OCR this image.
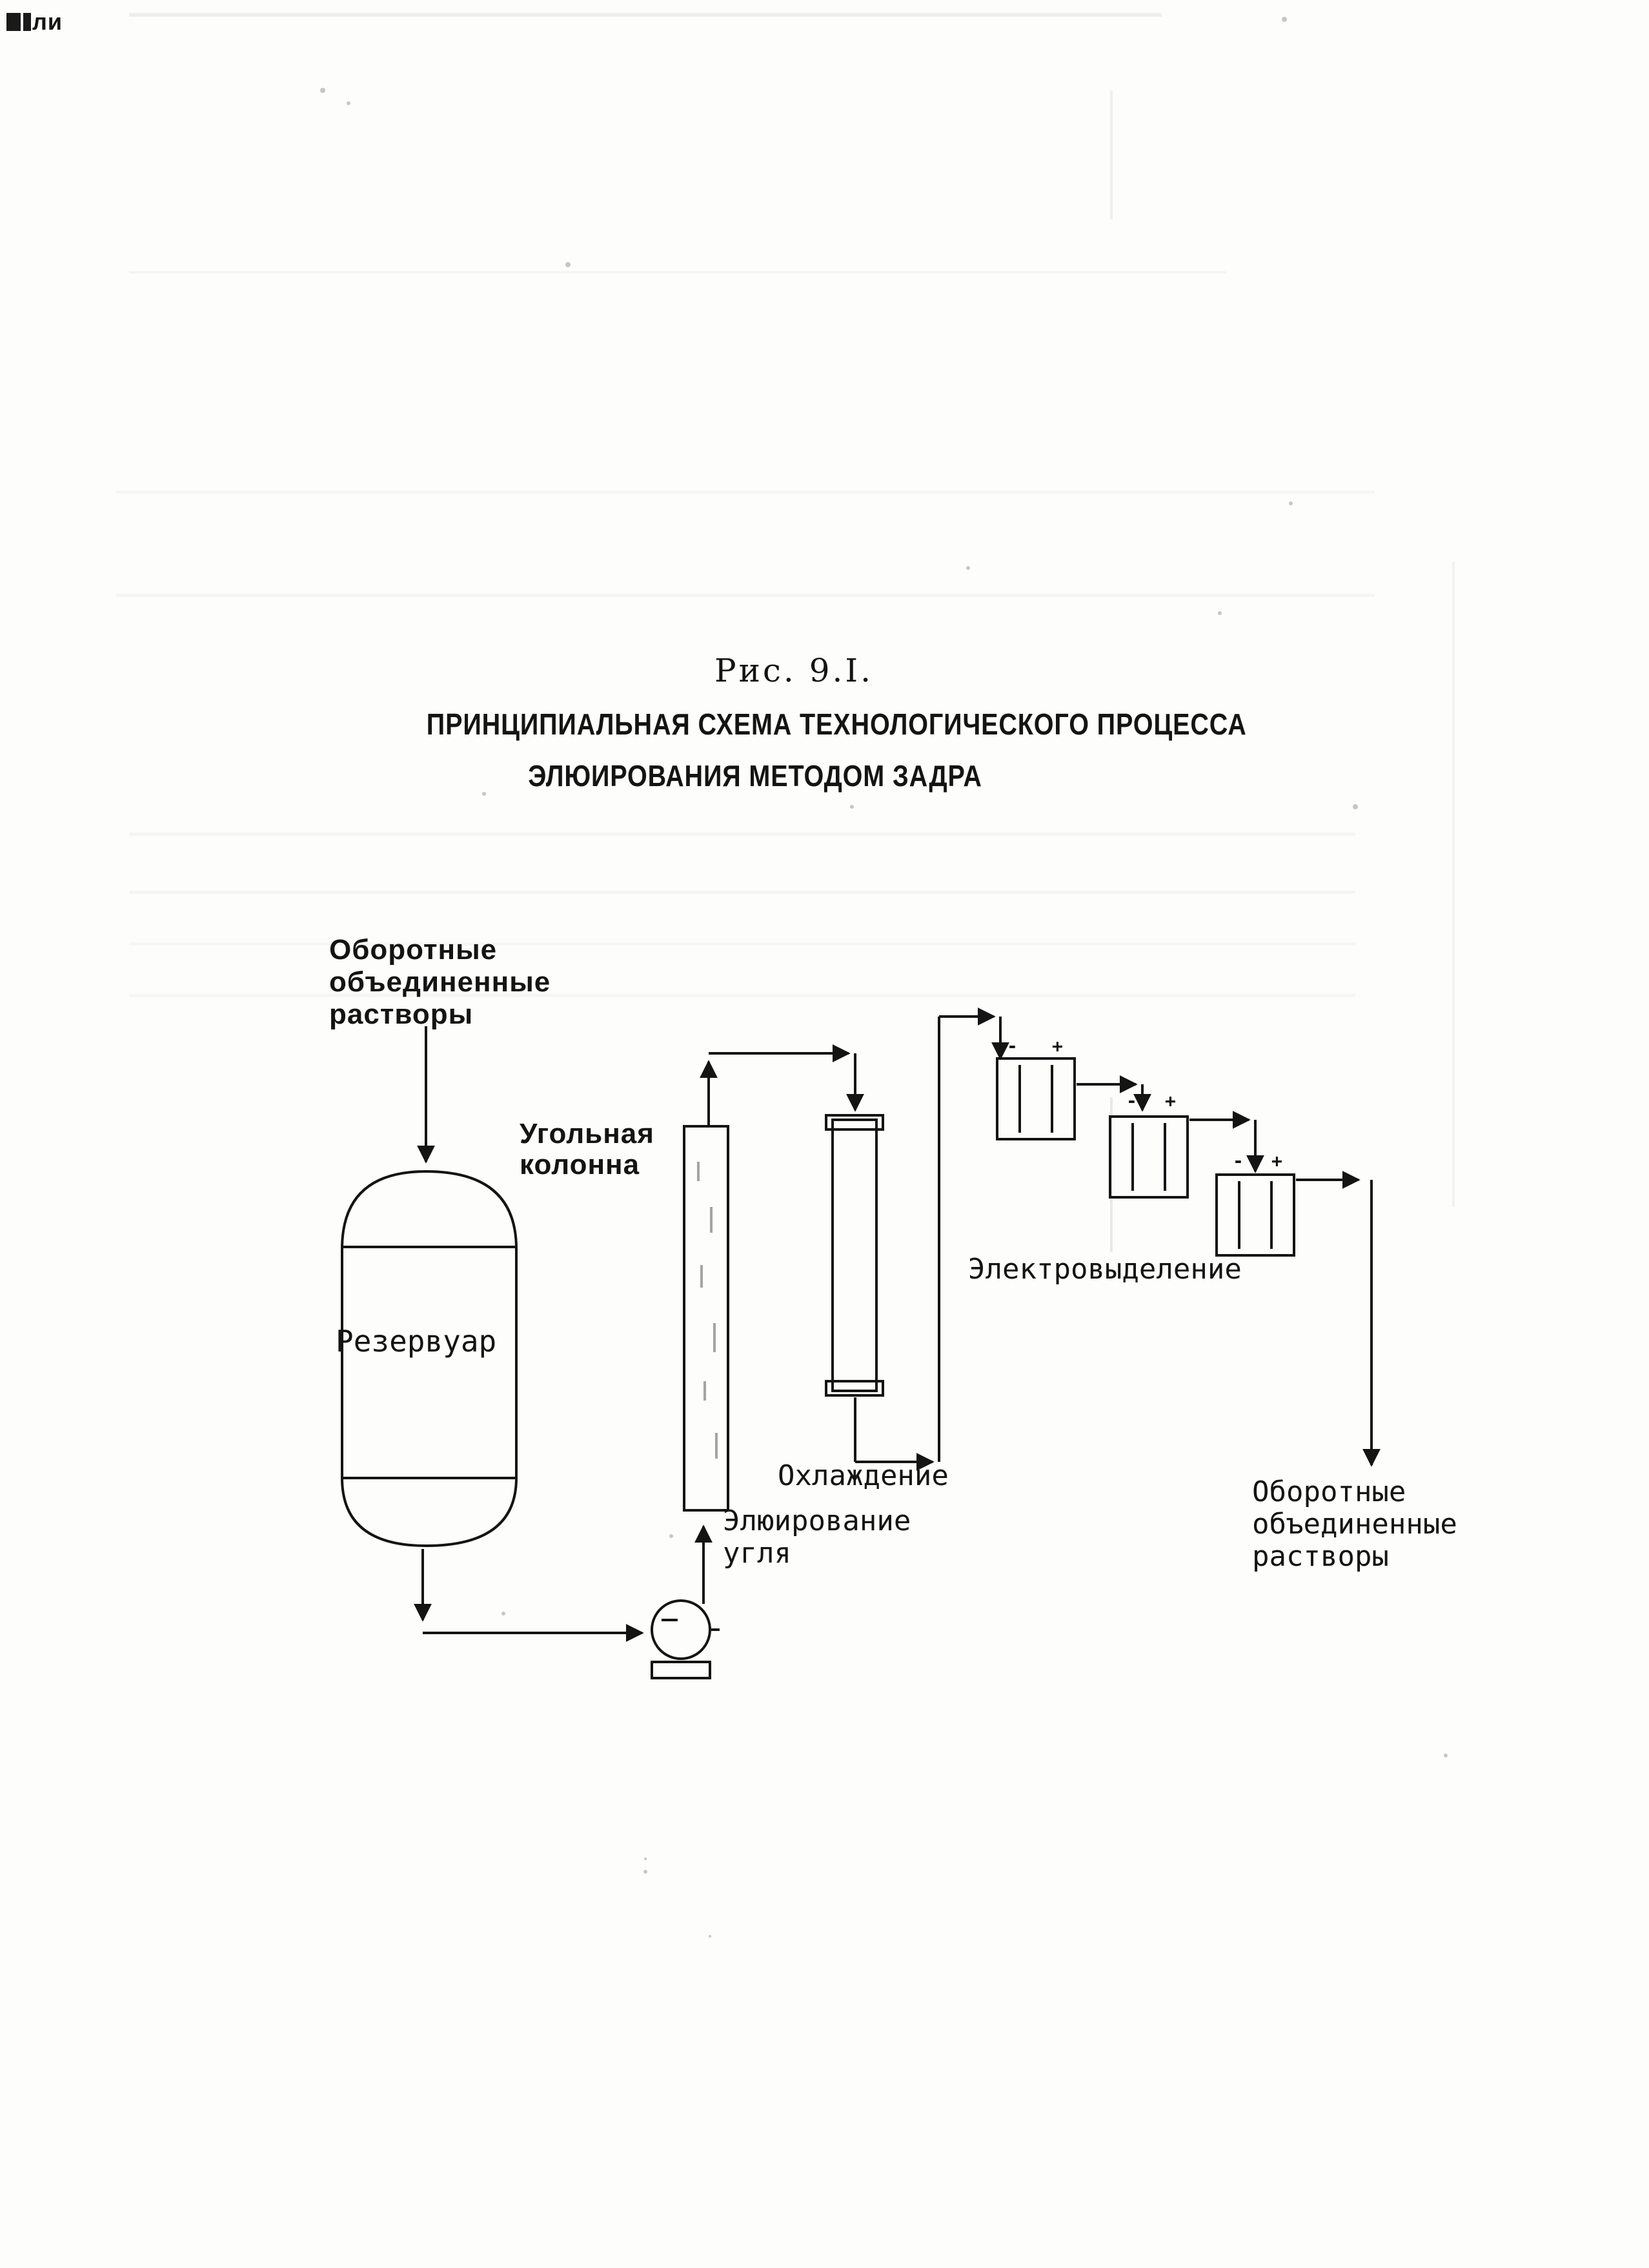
Рис. 9.I.
ПРИНЦИПИАЛЬНАЯ СХЕМА ТЕХНОЛОГИЧЕСКОГО ПРОЦЕССА
ЭЛЮИРОВАНИЯ МЕТОДОМ ЗАДРА
- +
- +
- +
Оборотные
объединенные
растворы
Угольная
колонна
Резервуар
Охлаждение
Элюирование
угля
Электровыделение
Оборотные
объединенные
растворы
ли
